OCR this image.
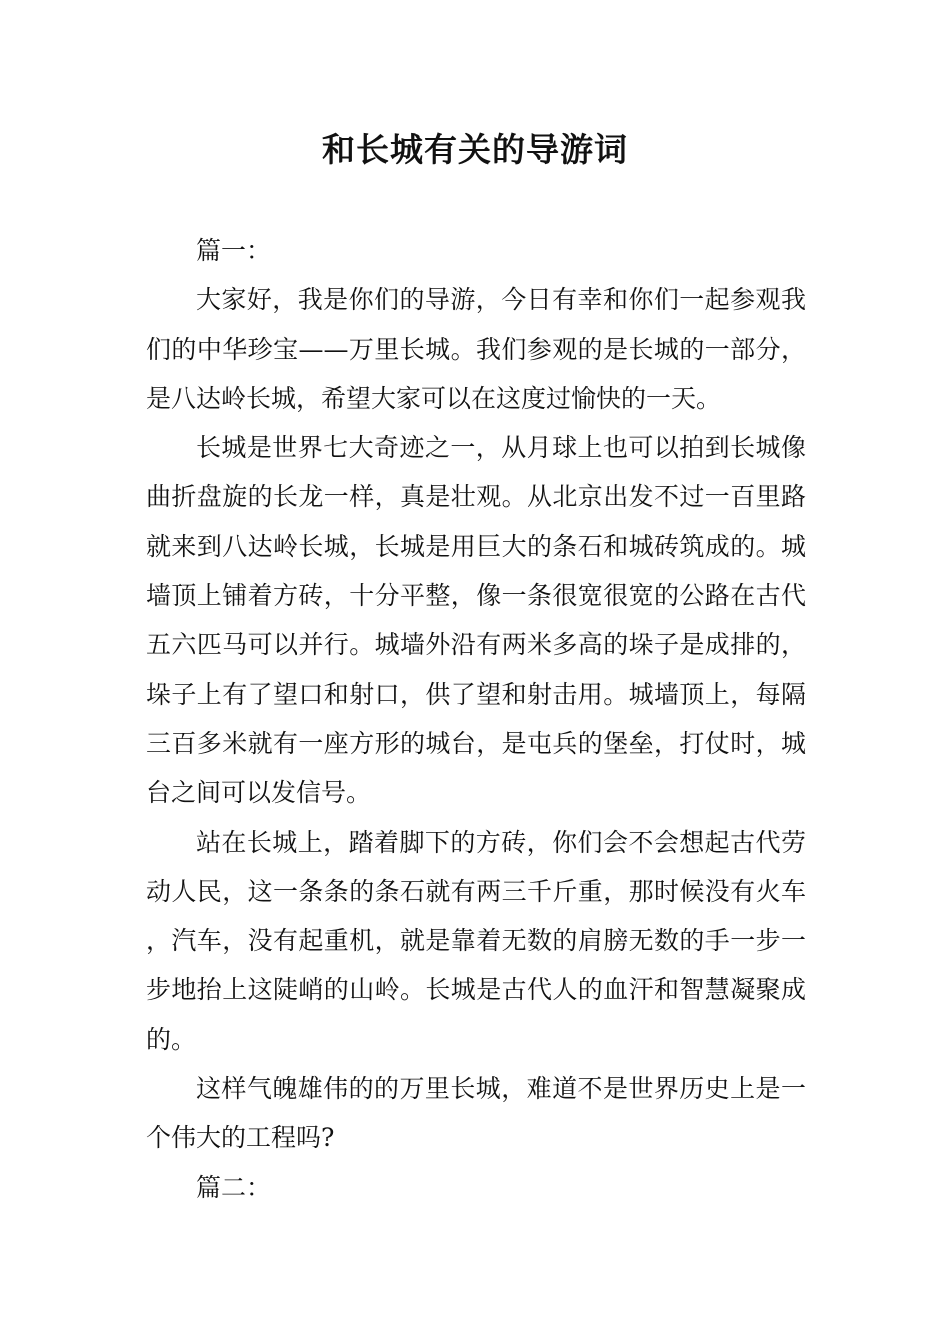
和长城有关的导游词

篇一：

大家好，我是你们的导游，今日有幸和你们一起参观我们的中华珍宝——万里长城。我们参观的是长城的一部分，是八达岭长城，希望大家可以在这度过愉快的一天。

长城是世界七大奇迹之一，从月球上也可以拍到长城像曲折盘旋的长龙一样，真是壮观。从北京出发不过一百里路就来到八达岭长城，长城是用巨大的条石和城砖筑成的。城墙顶上铺着方砖，十分平整，像一条很宽很宽的公路在古代五六匹马可以并行。城墙外沿有两米多高的垛子是成排的，垛子上有了望口和射口，供了望和射击用。城墙顶上，每隔三百多米就有一座方形的城台，是屯兵的堡垒，打仗时，城台之间可以发信号。

站在长城上，踏着脚下的方砖，你们会不会想起古代劳动人民，这一条条的条石就有两三千斤重，那时候没有火车，汽车，没有起重机，就是靠着无数的肩膀无数的手一步一步地抬上这陡峭的山岭。长城是古代人的血汗和智慧凝聚成的。

这样气魄雄伟的的万里长城，难道不是世界历史上是一个伟大的工程吗?

篇二：
